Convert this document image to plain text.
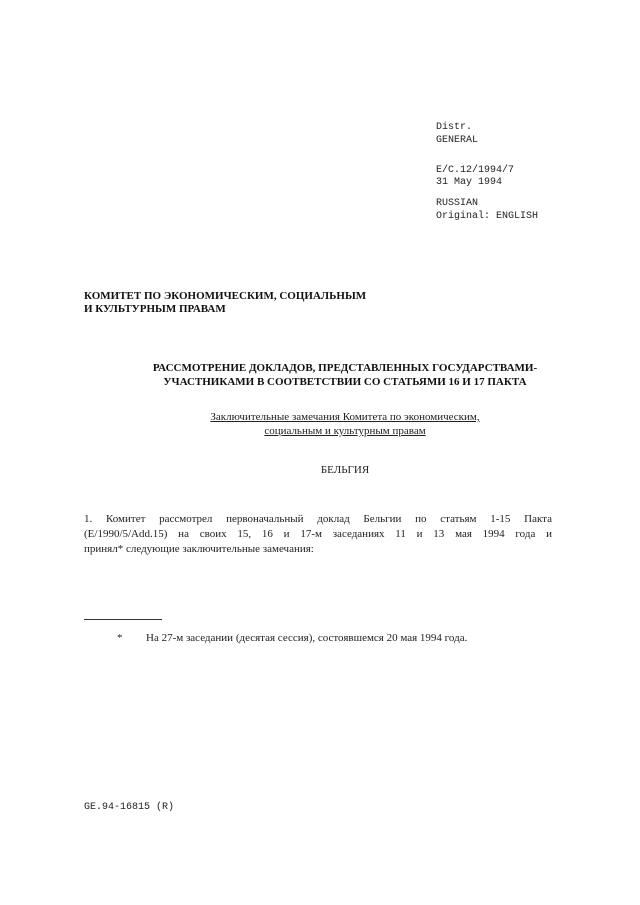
Distr.
GENERAL
E/C.12/1994/7
31 May 1994
RUSSIAN
Original: ENGLISH
КОМИТЕТ ПО ЭКОНОМИЧЕСКИМ, СОЦИАЛЬНЫМ
И КУЛЬТУРНЫМ ПРАВАМ
РАССМОТРЕНИЕ ДОКЛАДОВ, ПРЕДСТАВЛЕННЫХ ГОСУДАРСТВАМИ-
УЧАСТНИКАМИ В СООТВЕТСТВИИ СО СТАТЬЯМИ 16 И 17 ПАКТА
Заключительные замечания Комитета по экономическим,
социальным и культурным правам
БЕЛЬГИЯ
1. Комитет рассмотрел первоначальный доклад Бельгии по статьям 1-15 Пакта
(E/1990/5/Add.15) на своих 15, 16 и 17-м заседаниях 11 и 13 мая 1994 года и
принял* следующие заключительные замечания:
* На 27-м заседании (десятая сессия), состоявшемся 20 мая 1994 года.
GE.94-16815 (R)
